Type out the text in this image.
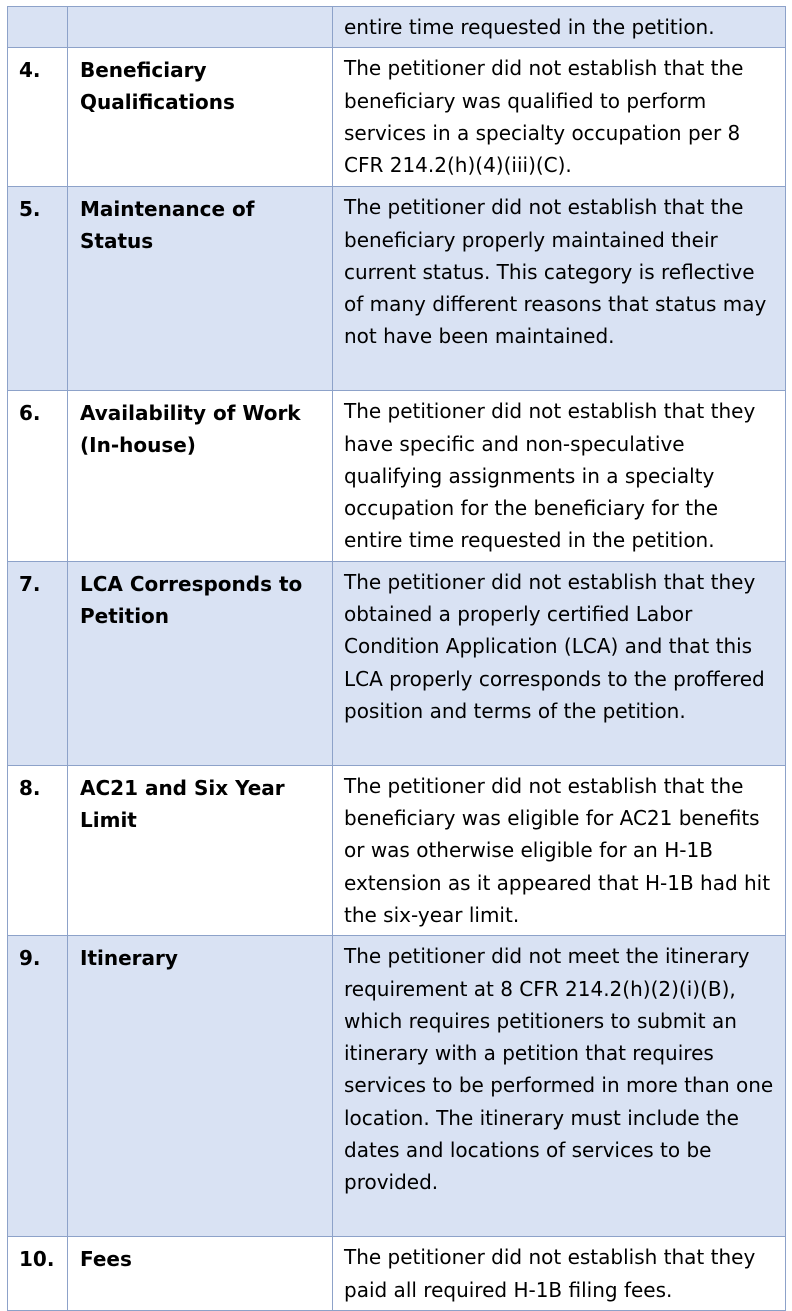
		entire time requested in the petition.

4.	Beneficiary Qualifications	The petitioner did not establish that the beneficiary was qualified to perform services in a specialty occupation per 8 CFR 214.2(h)(4)(iii)(C).

5.	Maintenance of Status	The petitioner did not establish that the beneficiary properly maintained their current status. This category is reflective of many different reasons that status may not have been maintained.

6.	Availability of Work (In-house)	The petitioner did not establish that they have specific and non-speculative qualifying assignments in a specialty occupation for the beneficiary for the entire time requested in the petition.

7.	LCA Corresponds to Petition	The petitioner did not establish that they obtained a properly certified Labor Condition Application (LCA) and that this LCA properly corresponds to the proffered position and terms of the petition.

8.	AC21 and Six Year Limit	The petitioner did not establish that the beneficiary was eligible for AC21 benefits or was otherwise eligible for an H-1B extension as it appeared that H-1B had hit the six-year limit.

9.	Itinerary	The petitioner did not meet the itinerary requirement at 8 CFR 214.2(h)(2)(i)(B), which requires petitioners to submit an itinerary with a petition that requires services to be performed in more than one location. The itinerary must include the dates and locations of services to be provided.

10.	Fees	The petitioner did not establish that they paid all required H-1B filing fees.
